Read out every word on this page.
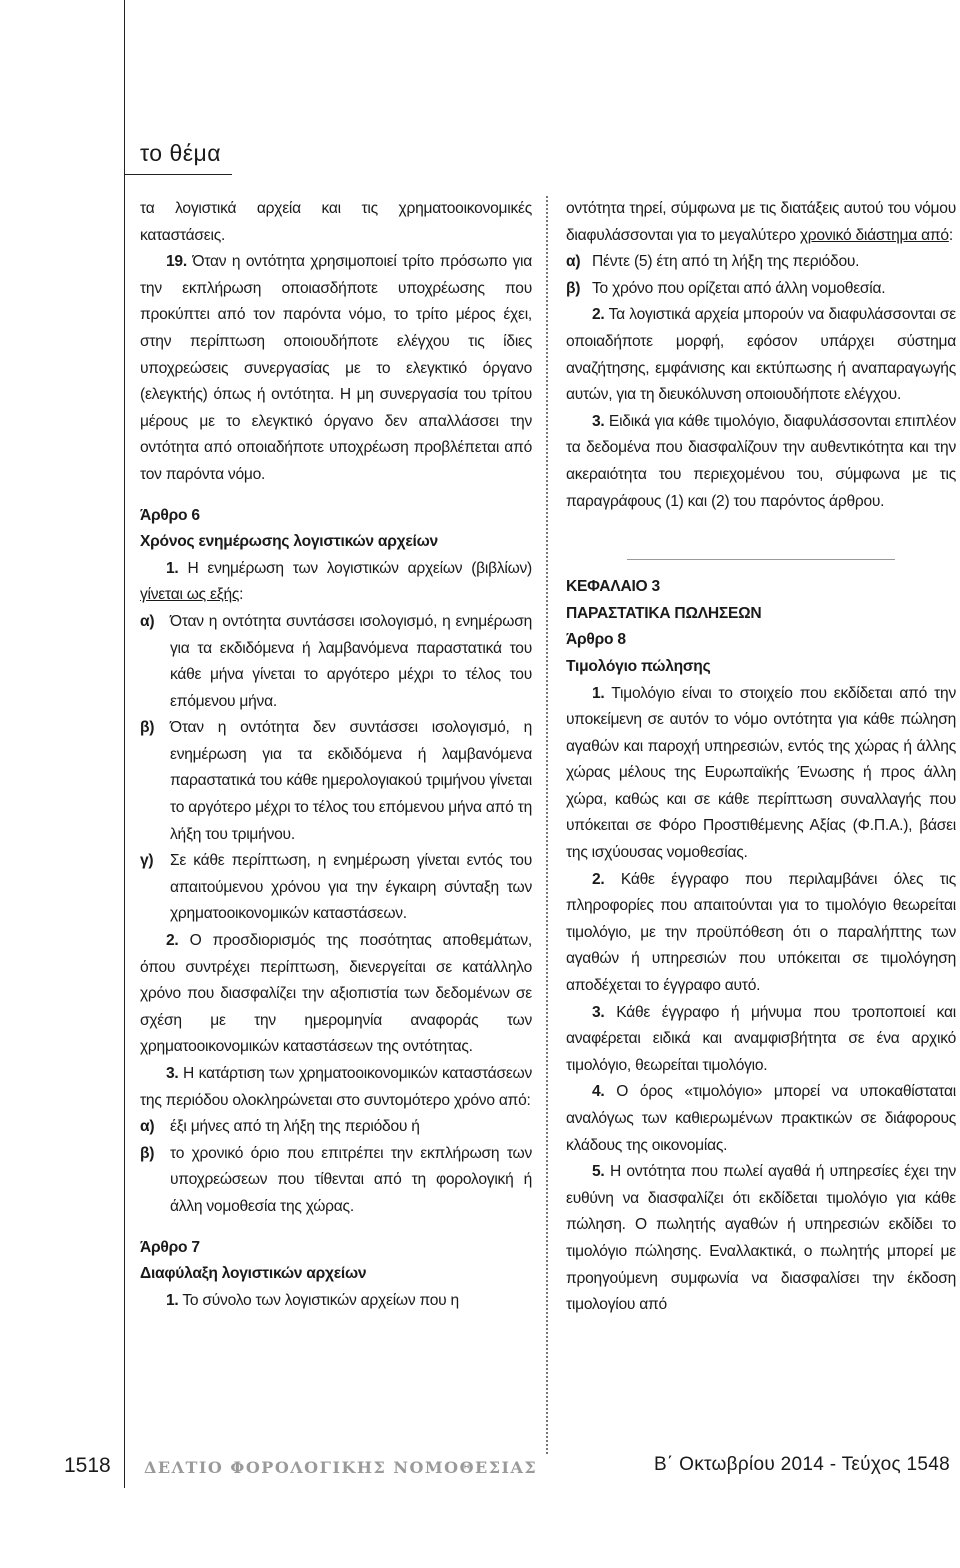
το θέμα

τα λογιστικά αρχεία και τις χρηματοοικονομικές καταστάσεις.

19. Όταν η οντότητα χρησιμοποιεί τρίτο πρόσωπο για την εκπλήρωση οποιασδήποτε υποχρέωσης που προκύπτει από τον παρόντα νόμο, το τρίτο μέρος έχει, στην περίπτωση οποιουδήποτε ελέγχου τις ίδιες υποχρεώσεις συνεργασίας με το ελεγκτικό όργανο (ελεγκτής) όπως ή οντότητα. Η μη συνεργασία του τρίτου μέρους με το ελεγκτικό όργανο δεν απαλλάσσει την οντότητα από οποιαδήποτε υποχρέωση προβλέπεται από τον παρόντα νόμο.

Άρθρο 6

Χρόνος ενημέρωσης λογιστικών αρχείων

1. Η ενημέρωση των λογιστικών αρχείων (βιβλίων) γίνεται ως εξής:

α)	Όταν η οντότητα συντάσσει ισολογισμό, η ενημέρωση για τα εκδιδόμενα ή λαμβανόμενα παραστατικά του κάθε μήνα γίνεται το αργότερο μέχρι το τέλος του επόμενου μήνα.
β)	Όταν η οντότητα δεν συντάσσει ισολογισμό, η ενημέρωση για τα εκδιδόμενα ή λαμβανόμενα παραστατικά του κάθε ημερολογιακού τριμήνου γίνεται το αργότερο μέχρι το τέλος του επόμενου μήνα από τη λήξη του τριμήνου.
γ)	Σε κάθε περίπτωση, η ενημέρωση γίνεται εντός του απαιτούμενου χρόνου για την έγκαιρη σύνταξη των χρηματοοικονομικών καταστάσεων.

2. Ο προσδιορισμός της ποσότητας αποθεμάτων, όπου συντρέχει περίπτωση, διενεργείται σε κατάλληλο χρόνο που διασφαλίζει την αξιοπιστία των δεδομένων σε σχέση με την ημερομηνία αναφοράς των χρηματοοικονομικών καταστάσεων της οντότητας.

3. Η κατάρτιση των χρηματοοικονομικών καταστάσεων της περιόδου ολοκληρώνεται στο συντομότερο χρόνο από:

α)	έξι μήνες από τη λήξη της περιόδου ή
β)	το χρονικό όριο που επιτρέπει την εκπλήρωση των υποχρεώσεων που τίθενται από τη φορολογική ή άλλη νομοθεσία της χώρας.

Άρθρο 7

Διαφύλαξη λογιστικών αρχείων

1. Το σύνολο των λογιστικών αρχείων που η

οντότητα τηρεί, σύμφωνα με τις διατάξεις αυτού του νόμου διαφυλάσσονται για το μεγαλύτερο χρονικό διάστημα από:

α) Πέντε (5) έτη από τη λήξη της περιόδου.
β) Το χρόνο που ορίζεται από άλλη νομοθεσία.

2. Τα λογιστικά αρχεία μπορούν να διαφυλάσσονται σε οποιαδήποτε μορφή, εφόσον υπάρχει σύστημα αναζήτησης, εμφάνισης και εκτύπωσης ή αναπαραγωγής αυτών, για τη διευκόλυνση οποιουδήποτε ελέγχου.

3. Ειδικά για κάθε τιμολόγιο, διαφυλάσσονται επιπλέον τα δεδομένα που διασφαλίζουν την αυθεντικότητα και την ακεραιότητα του περιεχομένου του, σύμφωνα με τις παραγράφους (1) και (2) του παρόντος άρθρου.

ΚΕΦΑΛΑΙΟ 3

ΠΑΡΑΣΤΑΤΙΚΑ ΠΩΛΗΣΕΩΝ

Άρθρο 8

Τιμολόγιο πώλησης

1. Τιμολόγιο είναι το στοιχείο που εκδίδεται από την υποκείμενη σε αυτόν το νόμο οντότητα για κάθε πώληση αγαθών και παροχή υπηρεσιών, εντός της χώρας ή άλλης χώρας μέλους της Ευρωπαϊκής Ένωσης ή προς άλλη χώρα, καθώς και σε κάθε περίπτωση συναλλαγής που υπόκειται σε Φόρο Προστιθέμενης Αξίας (Φ.Π.Α.), βάσει της ισχύουσας νομοθεσίας.

2. Κάθε έγγραφο που περιλαμβάνει όλες τις πληροφορίες που απαιτούνται για το τιμολόγιο θεωρείται τιμολόγιο, με την προϋπόθεση ότι ο παραλήπτης των αγαθών ή υπηρεσιών που υπόκειται σε τιμολόγηση αποδέχεται το έγγραφο αυτό.

3. Κάθε έγγραφο ή μήνυμα που τροποποιεί και αναφέρεται ειδικά και αναμφισβήτητα σε ένα αρχικό τιμολόγιο, θεωρείται τιμολόγιο.

4. Ο όρος «τιμολόγιο» μπορεί να υποκαθίσταται αναλόγως των καθιερωμένων πρακτικών σε διάφορους κλάδους της οικονομίας.

5. Η οντότητα που πωλεί αγαθά ή υπηρεσίες έχει την ευθύνη να διασφαλίζει ότι εκδίδεται τιμολόγιο για κάθε πώληση. Ο πωλητής αγαθών ή υπηρεσιών εκδίδει το τιμολόγιο πώλησης. Εναλλακτικά, ο πωλητής μπορεί με προηγούμενη συμφωνία να διασφαλίσει την έκδοση τιμολογίου από

1518 ΔΕΛΤΙΟ ΦΟΡΟΛΟΓΙΚΗΣ ΝΟΜΟΘΕΣΙΑΣ	Β΄ Οκτωβρίου 2014 - Τεύχος 1548
